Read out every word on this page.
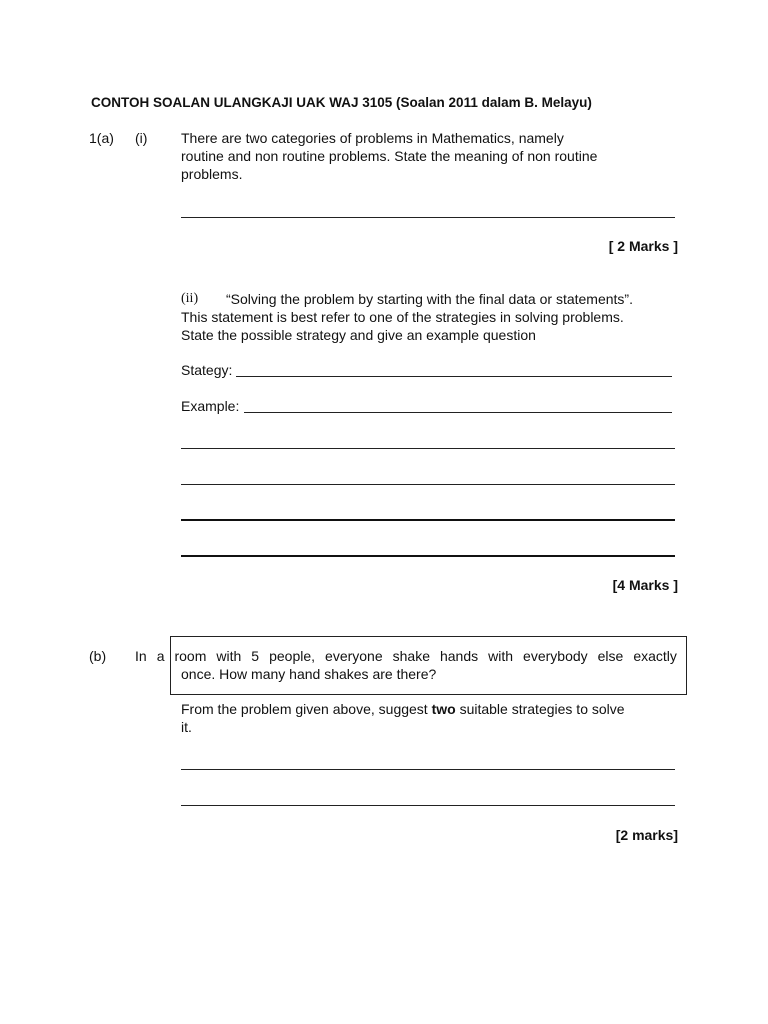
CONTOH SOALAN ULANGKAJI UAK WAJ 3105 (Soalan 2011 dalam B. Melayu)
1(a) (i) There are two categories of problems in Mathematics, namely
routine and non routine problems. State the meaning of non routine
problems.
[ 2 Marks ]
(ii) “Solving the problem by starting with the final data or statements”.
This statement is best refer to one of the strategies in solving problems.
State the possible strategy and give an example question
Stategy:
Example:
[4 Marks ]
(b) In a room with 5 people, everyone shake hands with everybody else exactly
once. How many hand shakes are there?
From the problem given above, suggest two suitable strategies to solve
it.
[2 marks]
